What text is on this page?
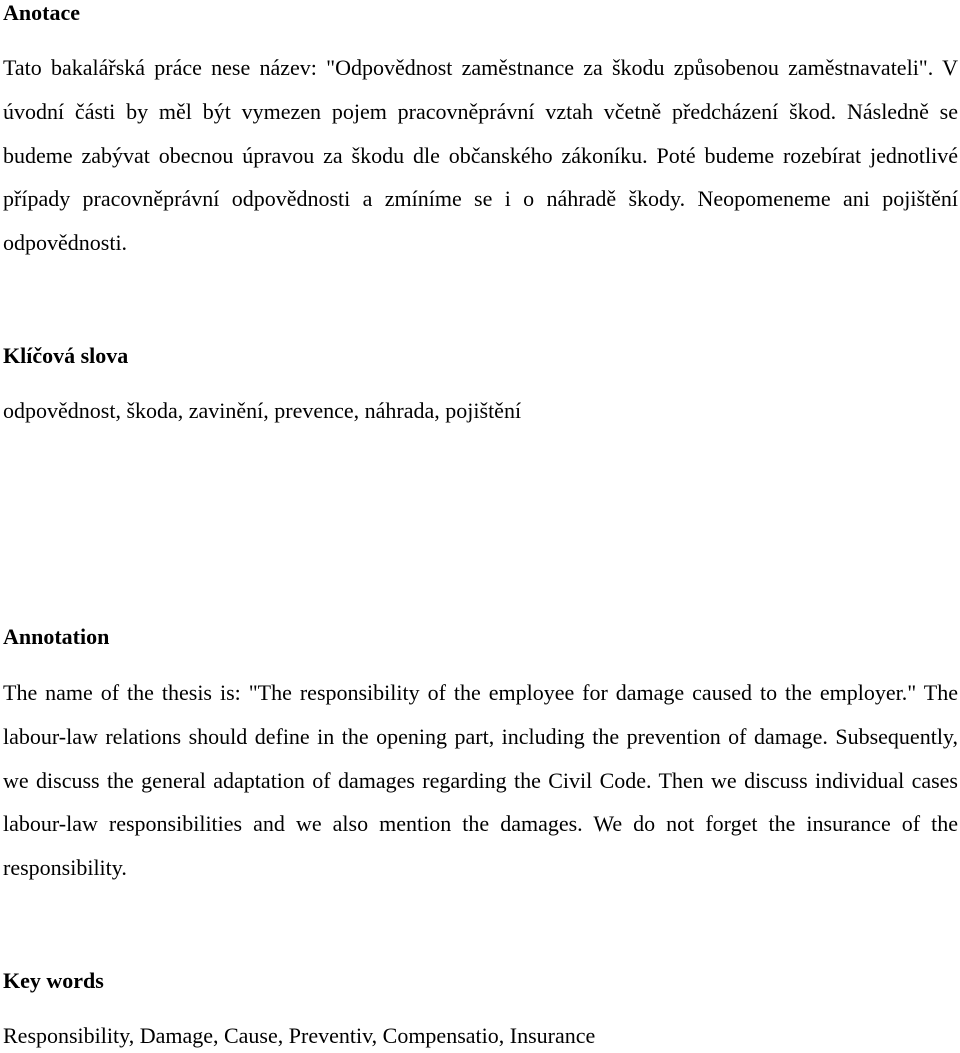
Anotace

Tato bakalářská práce nese název: "Odpovědnost zaměstnance za škodu způsobenou zaměstnavateli". V úvodní části by měl být vymezen pojem pracovněprávní vztah včetně předcházení škod. Následně se budeme zabývat obecnou úpravou za škodu dle občanského zákoníku. Poté budeme rozebírat jednotlivé případy pracovněprávní odpovědnosti a zmíníme se i o náhradě škody. Neopomeneme ani pojištění odpovědnosti.

Klíčová slova

odpovědnost, škoda, zavinění, prevence, náhrada, pojištění

Annotation

The name of the thesis is: "The responsibility of the employee for damage caused to the employer." The labour-law relations should define in the opening part, including the prevention of damage. Subsequently, we discuss the general adaptation of damages regarding the Civil Code. Then we discuss individual cases labour-law responsibilities and we also mention the damages. We do not forget the insurance of the responsibility.

Key words

Responsibility, Damage, Cause, Preventiv, Compensatio, Insurance
